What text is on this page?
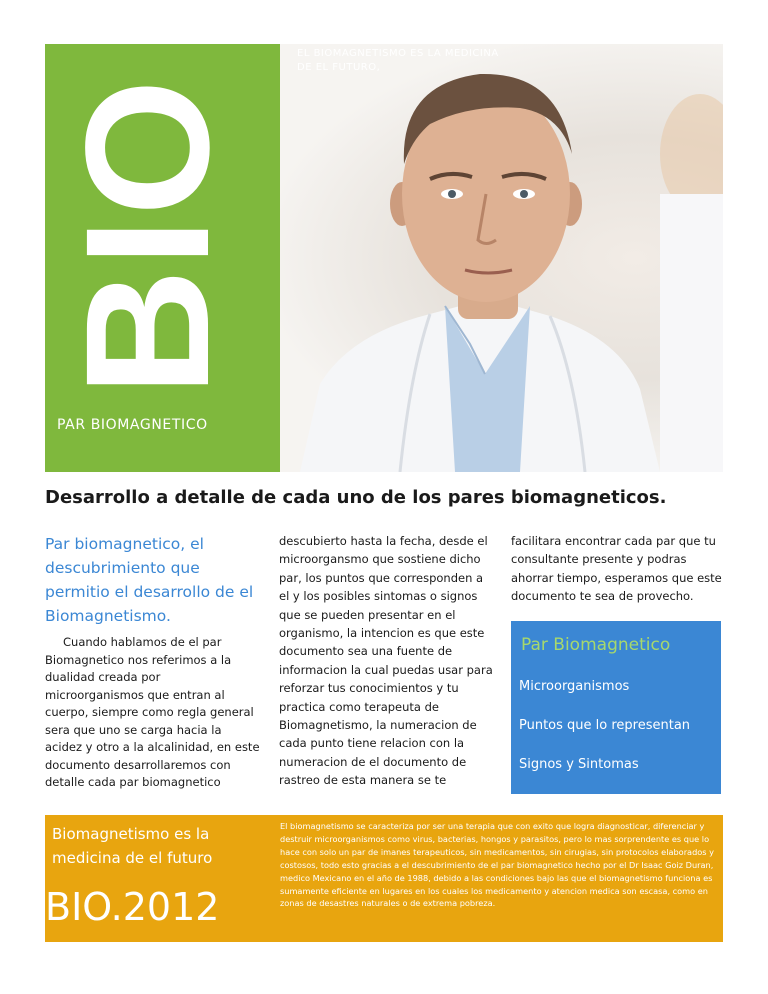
BIO
PAR BIOMAGNETICO
EL BIOMAGNETISMO ES LA MEDICINA
DE EL FUTURO,
Desarrollo a detalle de cada uno de los pares biomagneticos.
Par biomagnetico, el descubrimiento que permitio el desarrollo de el Biomagnetismo.
Cuando hablamos de el par Biomagnetico nos referimos a la dualidad creada por microorganismos que entran al cuerpo, siempre como regla general sera que uno se carga hacia la acidez y otro a la alcalinidad, en este documento desarrollaremos con detalle cada par biomagnetico
descubierto hasta la fecha, desde el microorgansmo que sostiene dicho par, los puntos que corresponden a el y los posibles sintomas o signos que se pueden presentar en el organismo, la intencion es que este documento sea una fuente de informacion la cual puedas usar para reforzar tus conocimientos y tu practica como terapeuta de Biomagnetismo, la numeracion de cada punto tiene relacion con la numeracion de el documento de rastreo de esta manera se te
facilitara encontrar cada par que tu consultante presente y podras ahorrar tiempo, esperamos que este documento te sea de provecho.
Par Biomagnetico
Microorganismos
Puntos que lo representan
Signos y Sintomas
Biomagnetismo es la medicina de el futuro
BIO.2012
El biomagnetismo se caracteriza por ser una terapia que con exito que logra diagnosticar, diferenciar y destruir microorganismos como virus, bacterias, hongos y parasitos, pero lo mas sorprendente es que lo hace con solo un par de imanes terapeuticos, sin medicamentos, sin cirugias, sin protocolos elaborados y costosos, todo esto gracias a el descubrimiento de el par biomagnetico hecho por el Dr Isaac Goiz Duran, medico Mexicano en el año de 1988, debido a las condiciones bajo las que el biomagnetismo funciona es sumamente eficiente en lugares en los cuales los medicamento y atencion medica son escasa, como en zonas de desastres naturales o de extrema pobreza.
